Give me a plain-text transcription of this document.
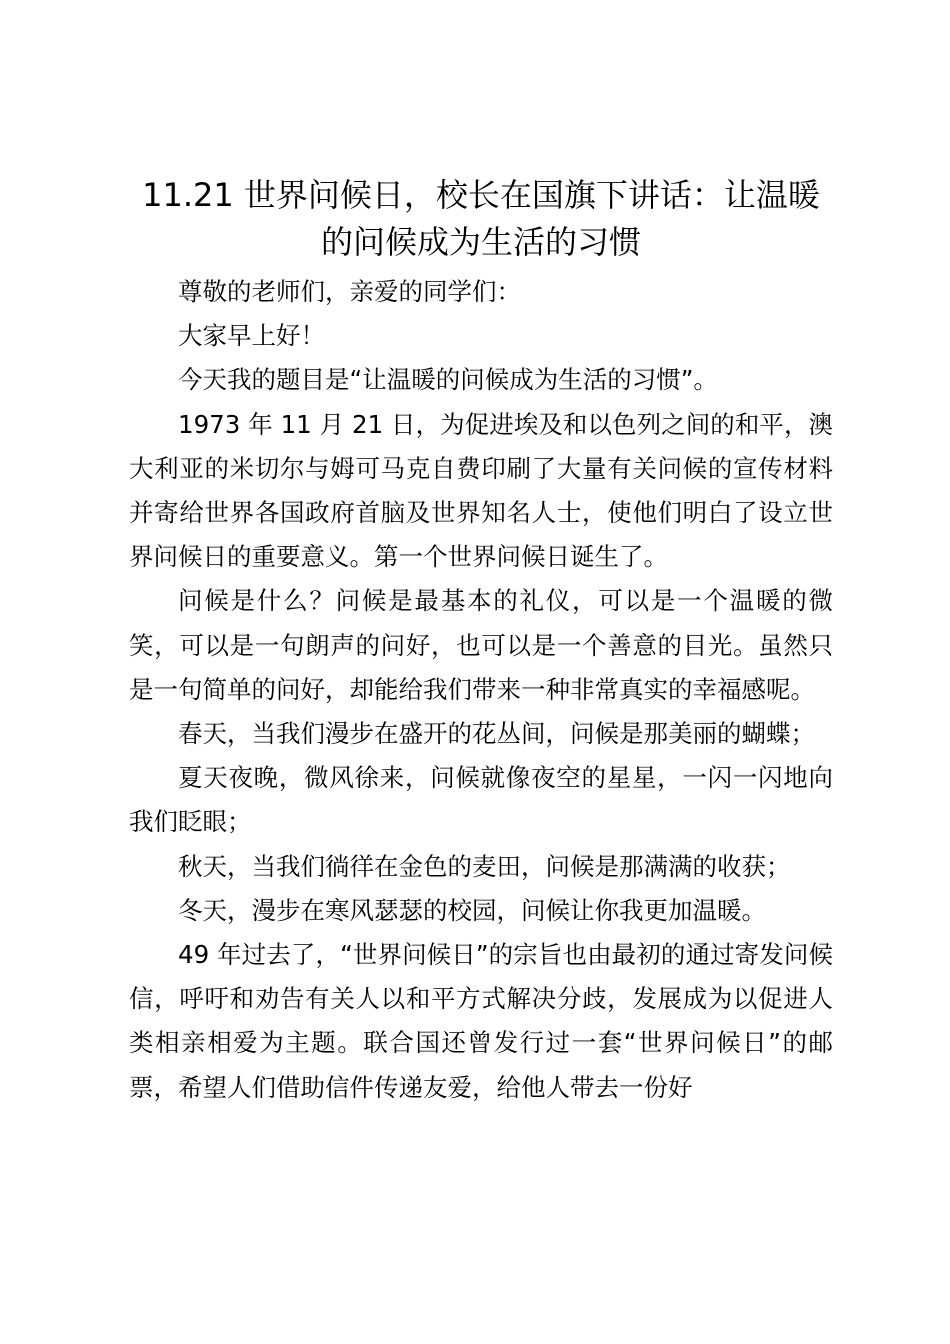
11.21 世界问候日，校长在国旗下讲话：让温暖的问候成为生活的习惯

尊敬的老师们，亲爱的同学们：

大家早上好！

今天我的题目是“让温暖的问候成为生活的习惯”。

1973 年 11 月 21 日，为促进埃及和以色列之间的和平，澳大利亚的米切尔与姆可马克自费印刷了大量有关问候的宣传材料并寄给世界各国政府首脑及世界知名人士，使他们明白了设立世界问候日的重要意义。第一个世界问候日诞生了。

问候是什么？问候是最基本的礼仪，可以是一个温暖的微笑，可以是一句朗声的问好，也可以是一个善意的目光。虽然只是一句简单的问好，却能给我们带来一种非常真实的幸福感呢。

春天，当我们漫步在盛开的花丛间，问候是那美丽的蝴蝶；

夏天夜晚，微风徐来，问候就像夜空的星星，一闪一闪地向我们眨眼；

秋天，当我们徜徉在金色的麦田，问候是那满满的收获；

冬天，漫步在寒风瑟瑟的校园，问候让你我更加温暖。

49 年过去了，“世界问候日”的宗旨也由最初的通过寄发问候信，呼吁和劝告有关人以和平方式解决分歧，发展成为以促进人类相亲相爱为主题。联合国还曾发行过一套“世界问候日”的邮票，希望人们借助信件传递友爱，给他人带去一份好
